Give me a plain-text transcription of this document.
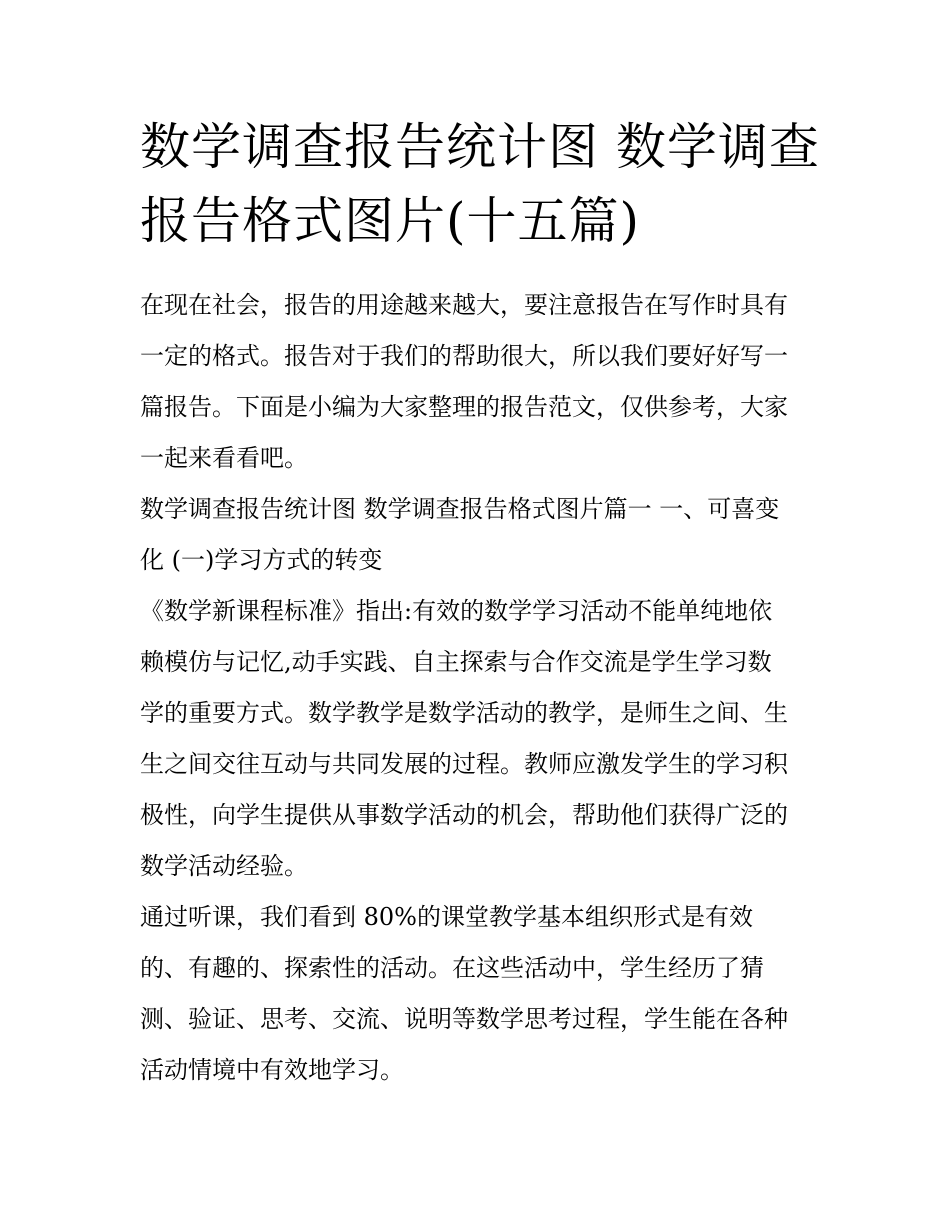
数学调查报告统计图 数学调查
报告格式图片(十五篇)

在现在社会，报告的用途越来越大，要注意报告在写作时具有

一定的格式。报告对于我们的帮助很大，所以我们要好好写一

篇报告。下面是小编为大家整理的报告范文，仅供参考，大家

一起来看看吧。

数学调查报告统计图 数学调查报告格式图片篇一 一、可喜变

化 (一)学习方式的转变

《数学新课程标准》指出:有效的数学学习活动不能单纯地依

赖模仿与记忆,动手实践、自主探索与合作交流是学生学习数

学的重要方式。数学教学是数学活动的教学，是师生之间、生

生之间交往互动与共同发展的过程。教师应激发学生的学习积

极性，向学生提供从事数学活动的机会，帮助他们获得广泛的

数学活动经验。

通过听课，我们看到 80%的课堂教学基本组织形式是有效

的、有趣的、探索性的活动。在这些活动中，学生经历了猜

测、验证、思考、交流、说明等数学思考过程，学生能在各种

活动情境中有效地学习。
